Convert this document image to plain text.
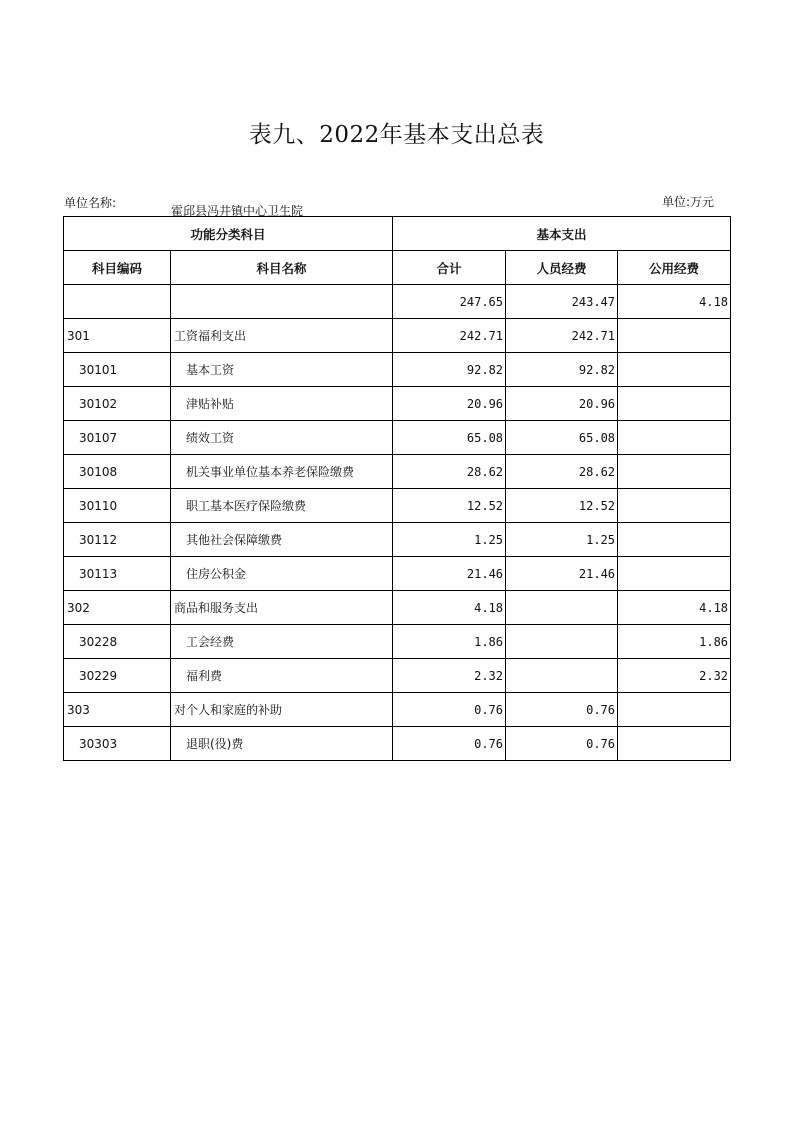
表九、2022年基本支出总表
单位名称:
霍邱县冯井镇中心卫生院
单位:万元
功能分类科目		基本支出		
科目编码	科目名称	合计	人员经费	公用经费
		247.65	243.47	4.18
301	工资福利支出	242.71	242.71	
30101	基本工资	92.82	92.82	
30102	津贴补贴	20.96	20.96	
30107	绩效工资	65.08	65.08	
30108	机关事业单位基本养老保险缴费	28.62	28.62	
30110	职工基本医疗保险缴费	12.52	12.52	
30112	其他社会保障缴费	1.25	1.25	
30113	住房公积金	21.46	21.46	
302	商品和服务支出	4.18		4.18
30228	工会经费	1.86		1.86
30229	福利费	2.32		2.32
303	对个人和家庭的补助	0.76	0.76	
30303	退职(役)费	0.76	0.76	
